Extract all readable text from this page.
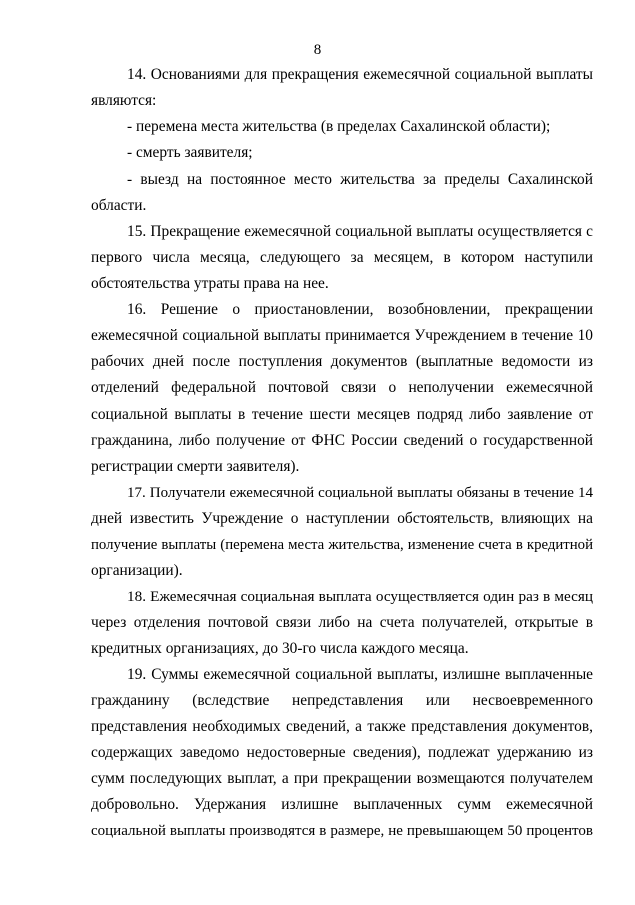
8
14. Основаниями для прекращения ежемесячной социальной выплаты
являются:
- перемена места жительства (в пределах Сахалинской области);
- смерть заявителя;
- выезд на постоянное место жительства за пределы Сахалинской
области.
15. Прекращение ежемесячной социальной выплаты осуществляется с
первого числа месяца, следующего за месяцем, в котором наступили
обстоятельства утраты права на нее.
16. Решение о приостановлении, возобновлении, прекращении
ежемесячной социальной выплаты принимается Учреждением в течение 10
рабочих дней после поступления документов (выплатные ведомости из
отделений федеральной почтовой связи о неполучении ежемесячной
социальной выплаты в течение шести месяцев подряд либо заявление от
гражданина, либо получение от ФНС России сведений о государственной
регистрации смерти заявителя).
17. Получатели ежемесячной социальной выплаты обязаны в течение 14
дней известить Учреждение о наступлении обстоятельств, влияющих на
получение выплаты (перемена места жительства, изменение счета в кредитной
организации).
18. Ежемесячная социальная выплата осуществляется один раз в месяц
через отделения почтовой связи либо на счета получателей, открытые в
кредитных организациях, до 30-го числа каждого месяца.
19. Суммы ежемесячной социальной выплаты, излишне выплаченные
гражданину (вследствие непредставления или несвоевременного
представления необходимых сведений, а также представления документов,
содержащих заведомо недостоверные сведения), подлежат удержанию из
сумм последующих выплат, а при прекращении возмещаются получателем
добровольно. Удержания излишне выплаченных сумм ежемесячной
социальной выплаты производятся в размере, не превышающем 50 процентов
